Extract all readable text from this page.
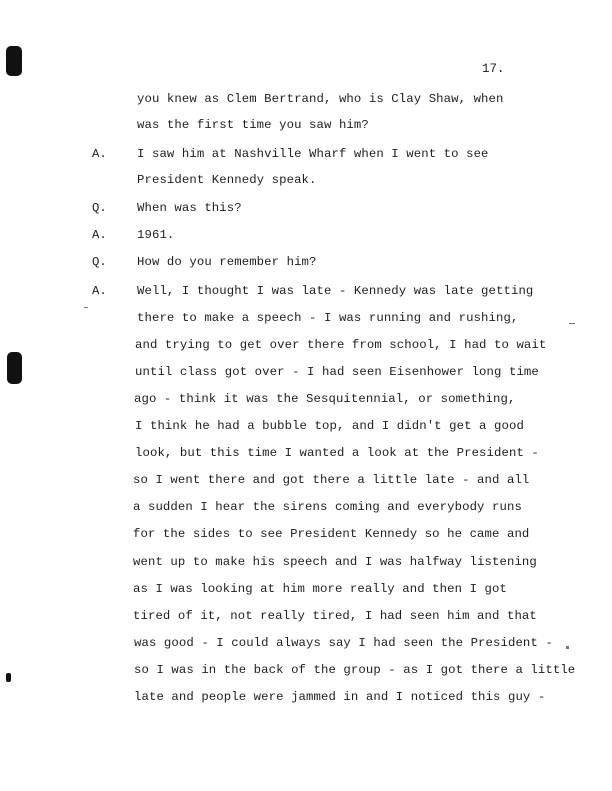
17.
you knew as Clem Bertrand, who is Clay Shaw, when
was the first time you saw him?
A. I saw him at Nashville Wharf when I went to see
President Kennedy speak.
Q. When was this?
A. 1961.
Q. How do you remember him?
A. Well, I thought I was late - Kennedy was late getting
there to make a speech - I was running and rushing,
and trying to get over there from school, I had to wait
until class got over - I had seen Eisenhower long time
ago - think it was the Sesquitennial, or something,
I think he had a bubble top, and I didn't get a good
look, but this time I wanted a look at the President -
so I went there and got there a little late - and all
a sudden I hear the sirens coming and everybody runs
for the sides to see President Kennedy so he came and
went up to make his speech and I was halfway listening
as I was looking at him more really and then I got
tired of it, not really tired, I had seen him and that
was good - I could always say I had seen the President -
so I was in the back of the group - as I got there a little
late and people were jammed in and I noticed this guy -
